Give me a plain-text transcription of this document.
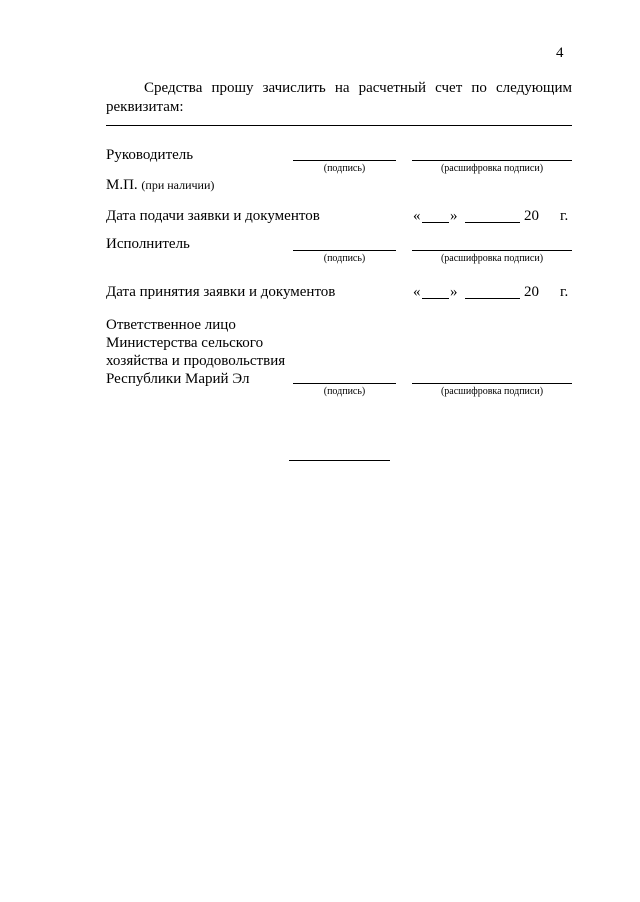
4
Средства прошу зачислить на расчетный счет по следующим реквизитам:
Руководитель
(подпись)	(расшифровка подписи)
М.П. (при наличии)
Дата подачи заявки и документов	« »	20 г.
Исполнитель
(подпись)	(расшифровка подписи)
Дата принятия заявки и документов	« »	20 г.
Ответственное лицо
Министерства сельского
хозяйства и продовольствия
Республики Марий Эл
(подпись)	(расшифровка подписи)
